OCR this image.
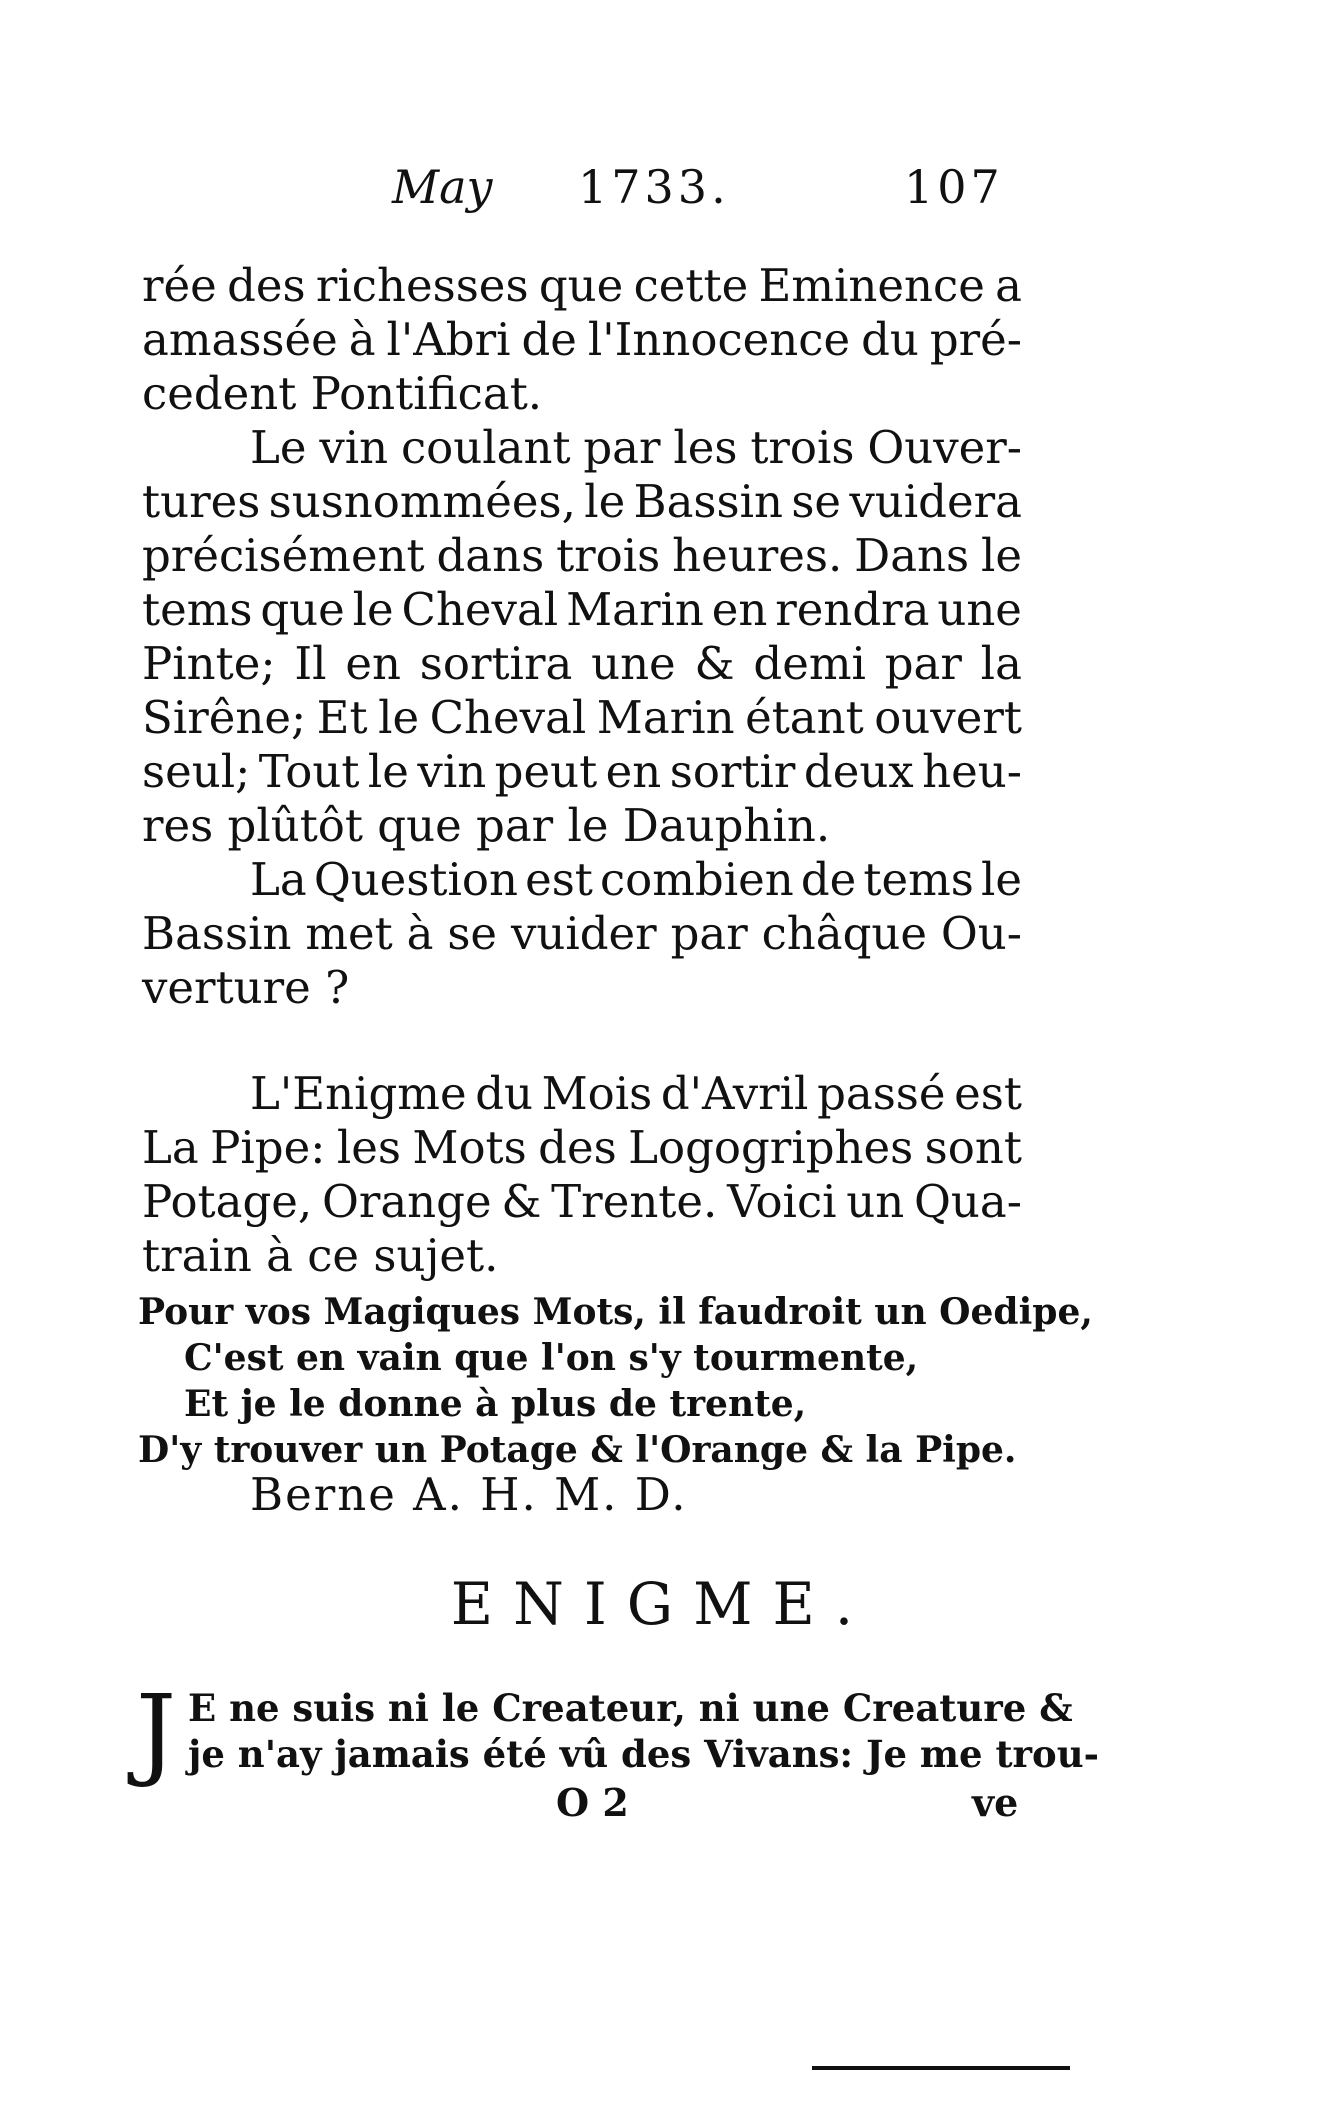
May 1733.	107
rée des richesses que cette Eminence a
amassée à l'Abri de l'Innocence du pré-
cedent Pontificat.
Le vin coulant par les trois Ouver-
tures susnommées, le Bassin se vuidera
précisément dans trois heures. Dans le
tems que le Cheval Marin en rendra une
Pinte; Il en sortira une & demi par la
Sirêne; Et le Cheval Marin étant ouvert
seul; Tout le vin peut en sortir deux heu-
res plûtôt que par le Dauphin.
La Question est combien de tems le
Bassin met à se vuider par châque Ou-
verture ?
L'Enigme du Mois d'Avril passé est
La Pipe: les Mots des Logogriphes sont
Potage, Orange & Trente. Voici un Qua-
train à ce sujet.
Pour vos Magiques Mots, il faudroit un Oedipe,
C'est en vain que l'on s'y tourmente,
Et je le donne à plus de trente,
D'y trouver un Potage & l'Orange & la Pipe.
Berne A. H. M. D.
ENIGME.
J E ne suis ni le Createur, ni une Creature &
je n'ay jamais été vû des Vivans: Je me trou-
O 2	ve
